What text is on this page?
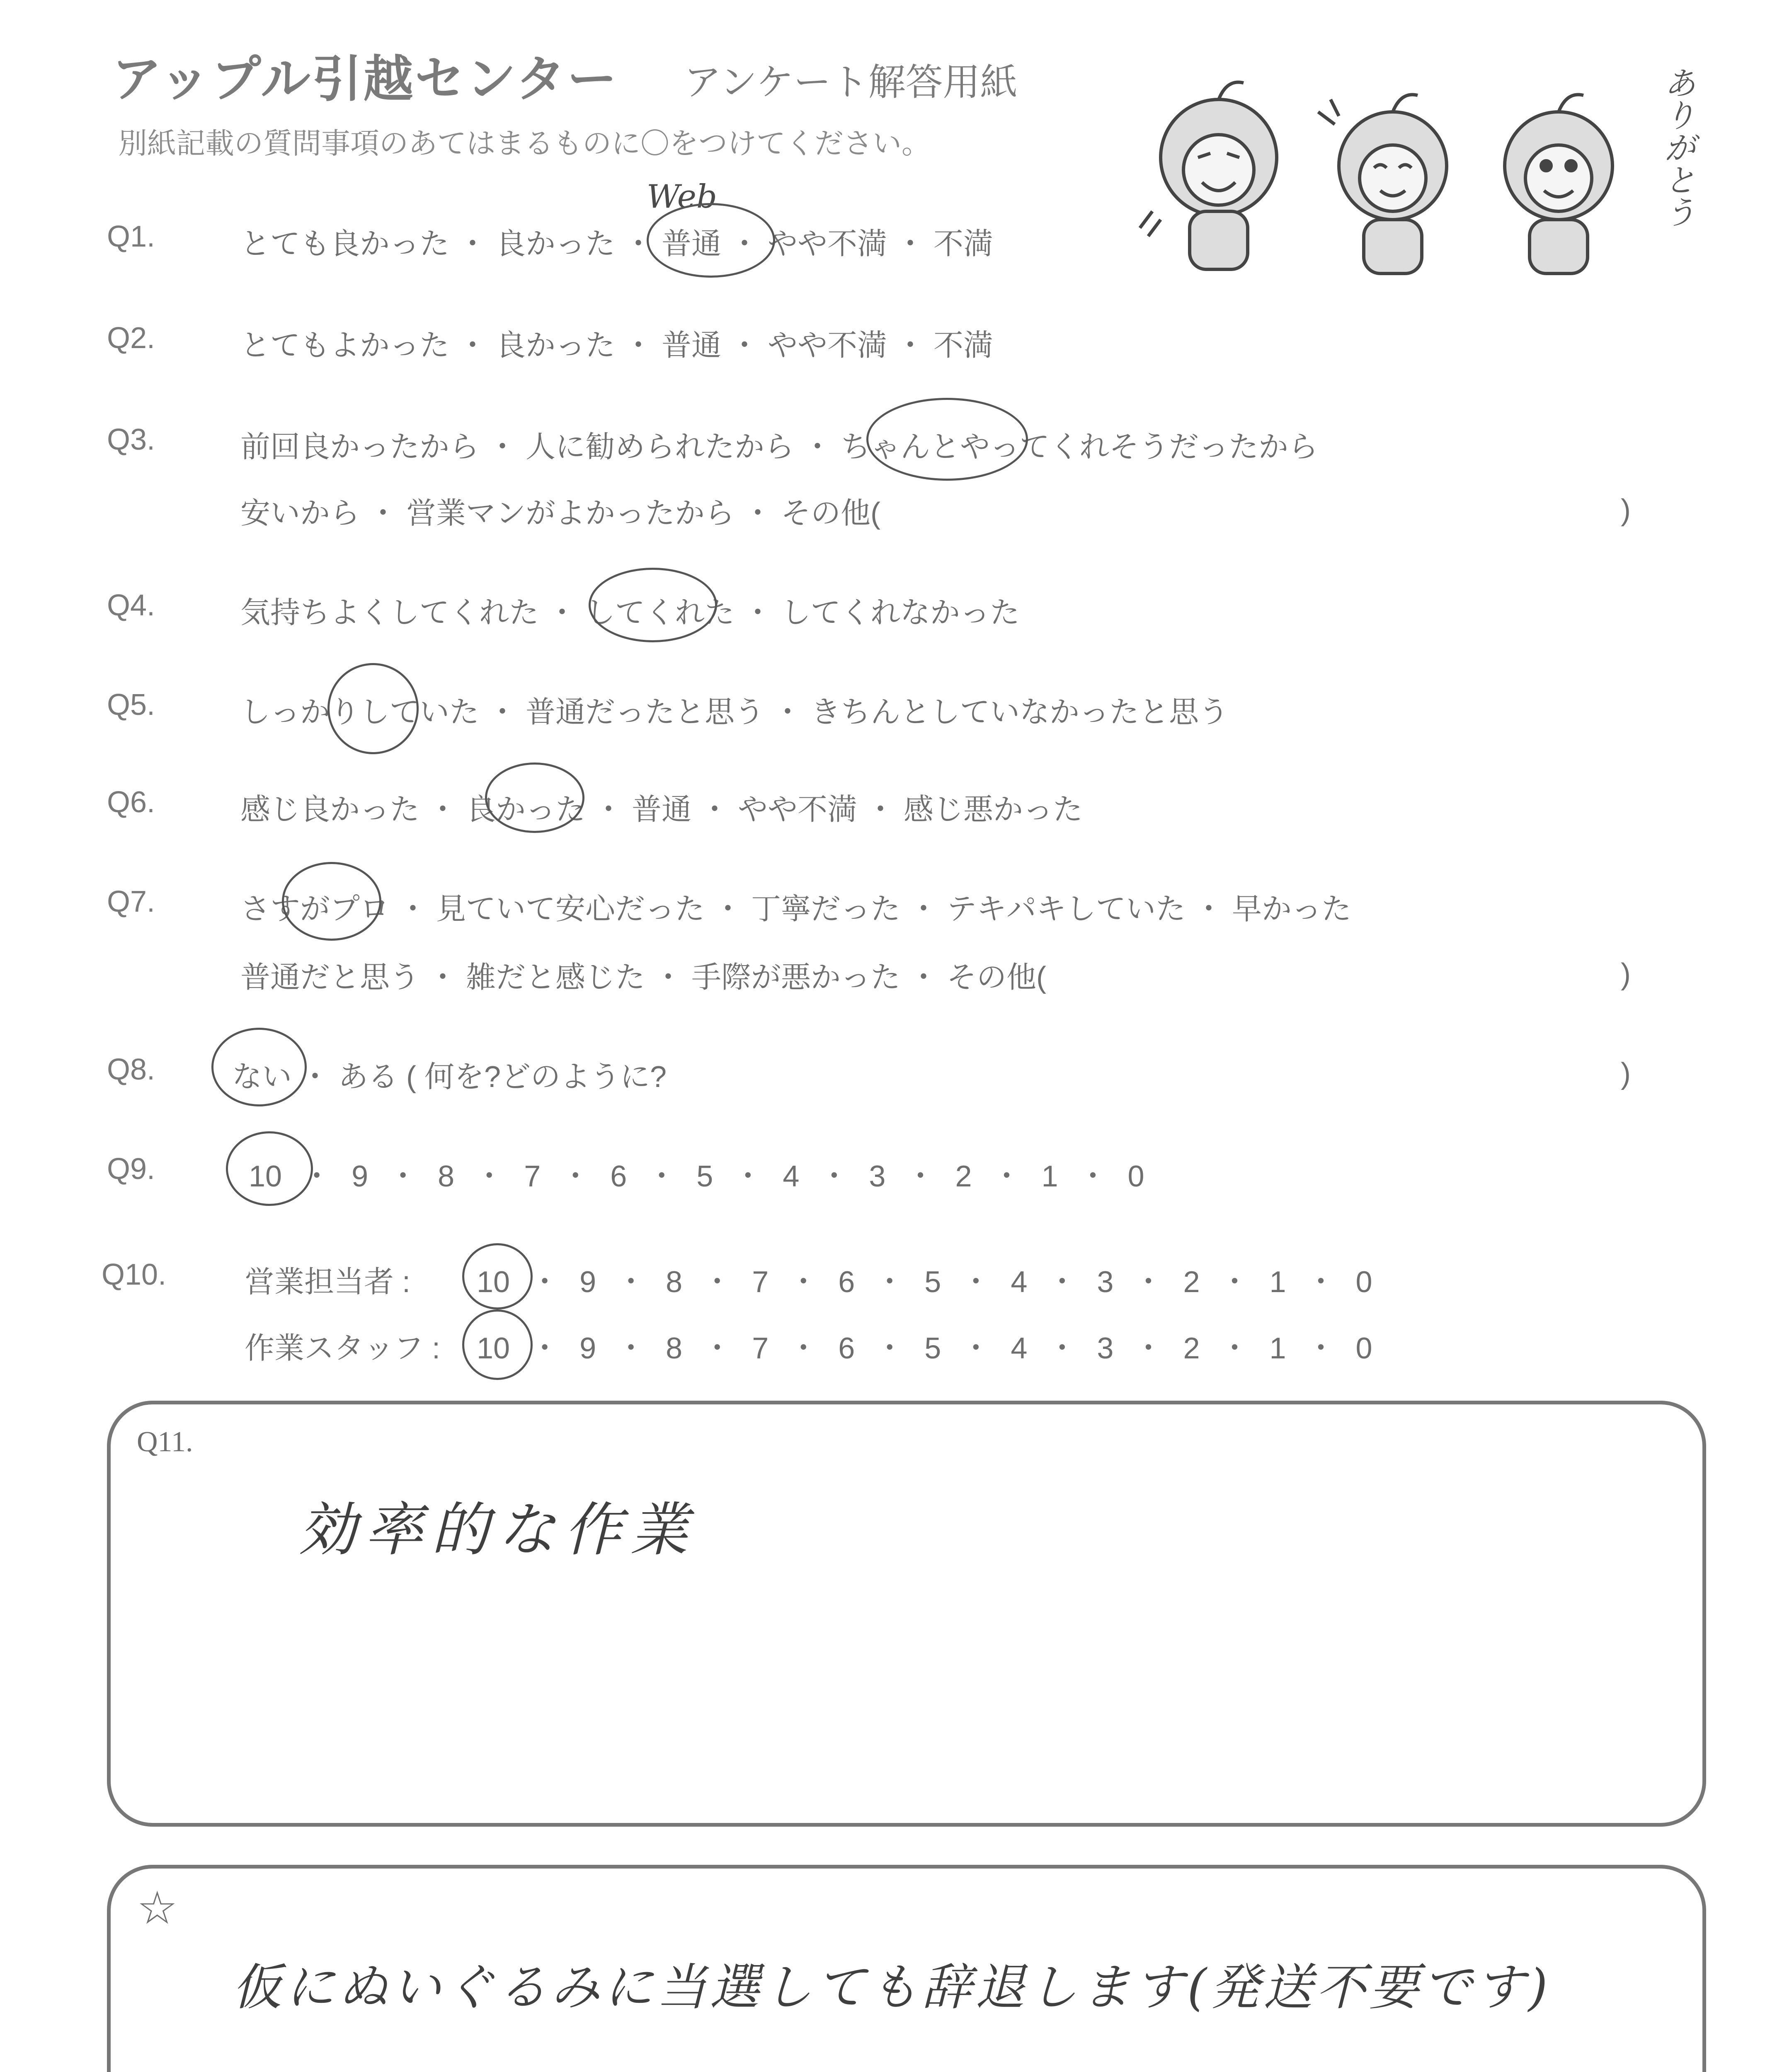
アップル引越センター アンケート解答用紙
別紙記載の質問事項のあてはまるものに〇をつけてください。	ありがとう
Q1.	とても良かった ・ 良かった ・ 普通 ・ やや不満 ・ 不満
Web
Q2.	とてもよかった ・ 良かった ・ 普通 ・ やや不満 ・ 不満
Q3.	前回良かったから ・ 人に勧められたから ・ ちゃんとやってくれそうだったから
安いから ・ 営業マンがよかったから ・ その他(	)
Q4.	気持ちよくしてくれた ・ してくれた ・ してくれなかった
Q5.	しっかりしていた ・ 普通だったと思う ・ きちんとしていなかったと思う
Q6.	感じ良かった ・ 良かった ・ 普通 ・ やや不満 ・ 感じ悪かった
Q7.	さすがプロ ・ 見ていて安心だった ・ 丁寧だった ・ テキパキしていた ・ 早かった
普通だと思う ・ 雑だと感じた ・ 手際が悪かった ・ その他(	)
Q8.	ない ・ ある ( 何を?どのように?	)
Q9.	10 ・ 9 ・ 8 ・ 7 ・ 6 ・ 5 ・ 4 ・ 3 ・ 2 ・ 1 ・ 0
Q10.	営業担当者 : 10 ・ 9 ・ 8 ・ 7 ・ 6 ・ 5 ・ 4 ・ 3 ・ 2 ・ 1 ・ 0
作業スタッフ : 10 ・ 9 ・ 8 ・ 7 ・ 6 ・ 5 ・ 4 ・ 3 ・ 2 ・ 1 ・ 0
Q11.
効率的な作業
☆
仮にぬいぐるみに当選しても辞退します(発送不要です)
